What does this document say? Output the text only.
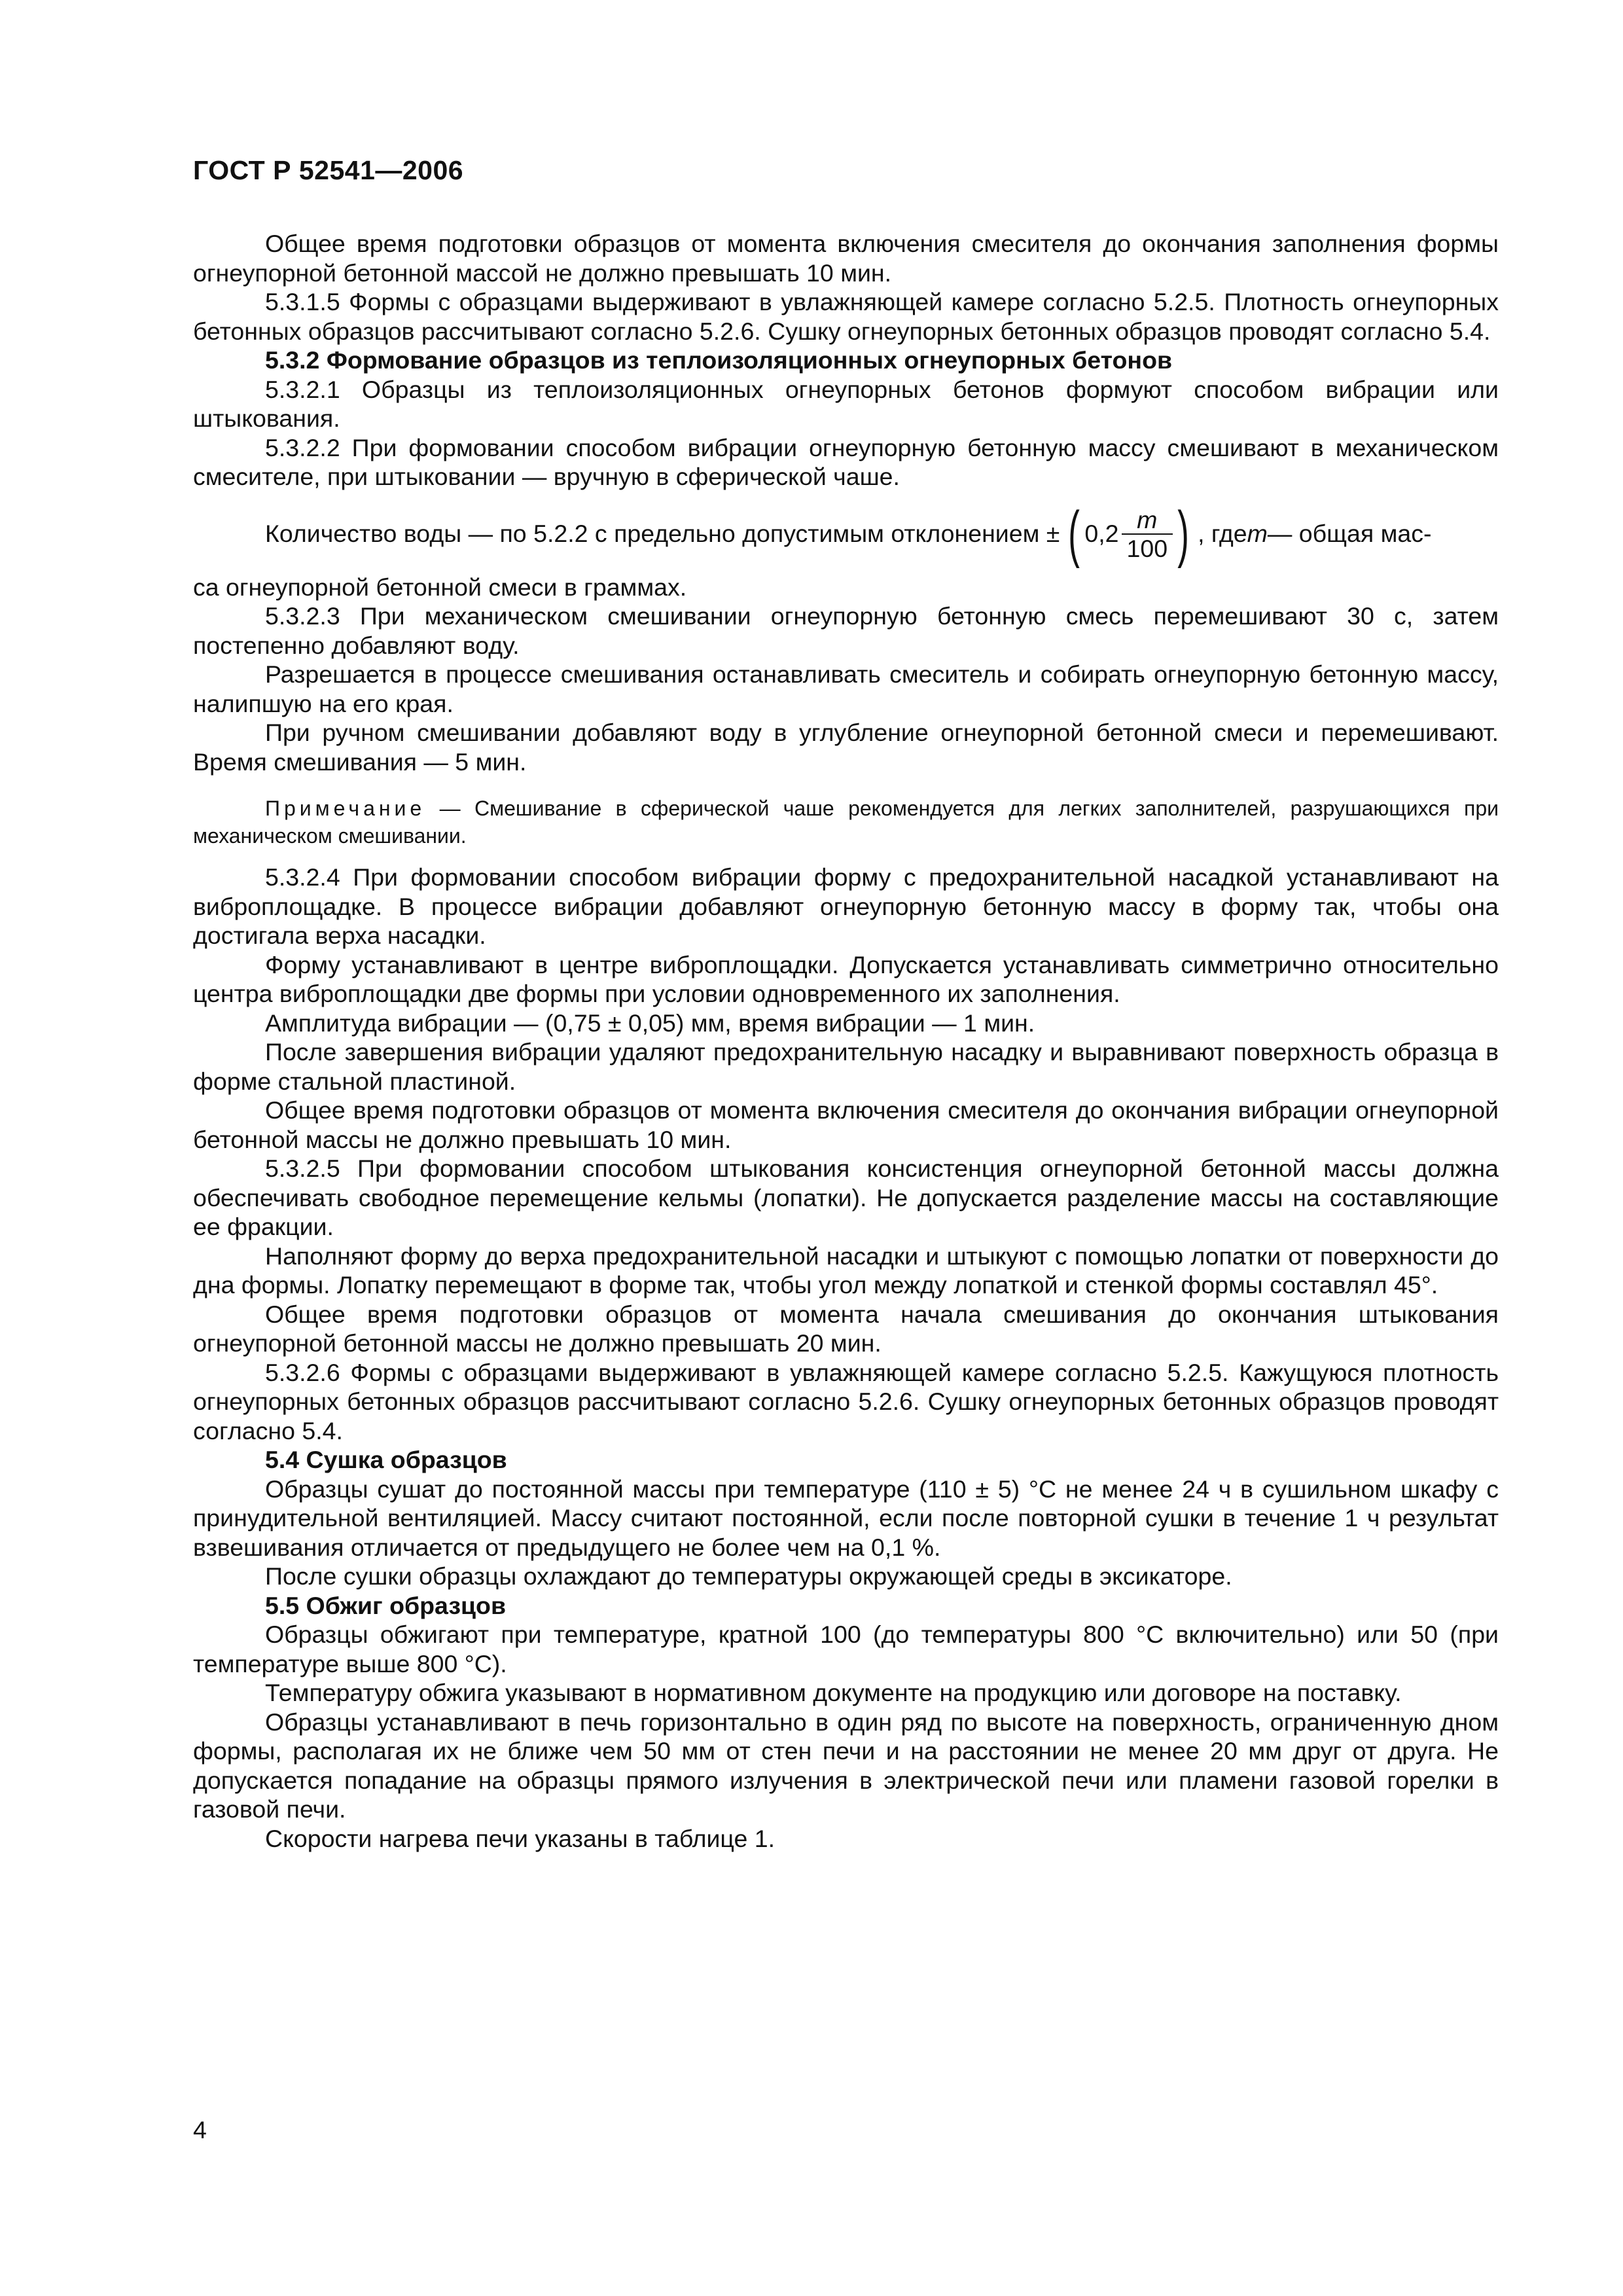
ГОСТ Р 52541—2006

Общее время подготовки образцов от момента включения смесителя до окончания заполнения формы огнеупорной бетонной массой не должно превышать 10 мин.

5.3.1.5 Формы с образцами выдерживают в увлажняющей камере согласно 5.2.5. Плотность огнеупорных бетонных образцов рассчитывают согласно 5.2.6. Сушку огнеупорных бетонных образцов проводят согласно 5.4.

5.3.2 Формование образцов из теплоизоляционных огнеупорных бетонов

5.3.2.1 Образцы из теплоизоляционных огнеупорных бетонов формуют способом вибрации или штыкования.

5.3.2.2 При формовании способом вибрации огнеупорную бетонную массу смешивают в механическом смесителе, при штыковании — вручную в сферической чаше.

Количество воды — по 5.2.2 с предельно допустимым отклонением ± ( $0,2 \frac{m}{100}$ ) , где m — общая мас-

са огнеупорной бетонной смеси в граммах.

5.3.2.3 При механическом смешивании огнеупорную бетонную смесь перемешивают 30 с, затем постепенно добавляют воду.

Разрешается в процессе смешивания останавливать смеситель и собирать огнеупорную бетонную массу, налипшую на его края.

При ручном смешивании добавляют воду в углубление огнеупорной бетонной смеси и перемешивают. Время смешивания — 5 мин.

Примечание — Смешивание в сферической чаше рекомендуется для легких заполнителей, разрушающихся при механическом смешивании.

5.3.2.4 При формовании способом вибрации форму с предохранительной насадкой устанавливают на виброплощадке. В процессе вибрации добавляют огнеупорную бетонную массу в форму так, чтобы она достигала верха насадки.

Форму устанавливают в центре виброплощадки. Допускается устанавливать симметрично относительно центра виброплощадки две формы при условии одновременного их заполнения.

Амплитуда вибрации — (0,75 ± 0,05) мм, время вибрации — 1 мин.

После завершения вибрации удаляют предохранительную насадку и выравнивают поверхность образца в форме стальной пластиной.

Общее время подготовки образцов от момента включения смесителя до окончания вибрации огнеупорной бетонной массы не должно превышать 10 мин.

5.3.2.5 При формовании способом штыкования консистенция огнеупорной бетонной массы должна обеспечивать свободное перемещение кельмы (лопатки). Не допускается разделение массы на составляющие ее фракции.

Наполняют форму до верха предохранительной насадки и штыкуют с помощью лопатки от поверхности до дна формы. Лопатку перемещают в форме так, чтобы угол между лопаткой и стенкой формы составлял 45°.

Общее время подготовки образцов от момента начала смешивания до окончания штыкования огнеупорной бетонной массы не должно превышать 20 мин.

5.3.2.6 Формы с образцами выдерживают в увлажняющей камере согласно 5.2.5. Кажущуюся плотность огнеупорных бетонных образцов рассчитывают согласно 5.2.6. Сушку огнеупорных бетонных образцов проводят согласно 5.4.

5.4 Сушка образцов

Образцы сушат до постоянной массы при температуре (110 ± 5) °С не менее 24 ч в сушильном шкафу с принудительной вентиляцией. Массу считают постоянной, если после повторной сушки в течение 1 ч результат взвешивания отличается от предыдущего не более чем на 0,1 %.

После сушки образцы охлаждают до температуры окружающей среды в эксикаторе.

5.5 Обжиг образцов

Образцы обжигают при температуре, кратной 100 (до температуры 800 °С включительно) или 50 (при температуре выше 800 °С).

Температуру обжига указывают в нормативном документе на продукцию или договоре на поставку.

Образцы устанавливают в печь горизонтально в один ряд по высоте на поверхность, ограниченную дном формы, располагая их не ближе чем 50 мм от стен печи и на расстоянии не менее 20 мм друг от друга. Не допускается попадание на образцы прямого излучения в электрической печи или пламени газовой горелки в газовой печи.

Скорости нагрева печи указаны в таблице 1.

4
